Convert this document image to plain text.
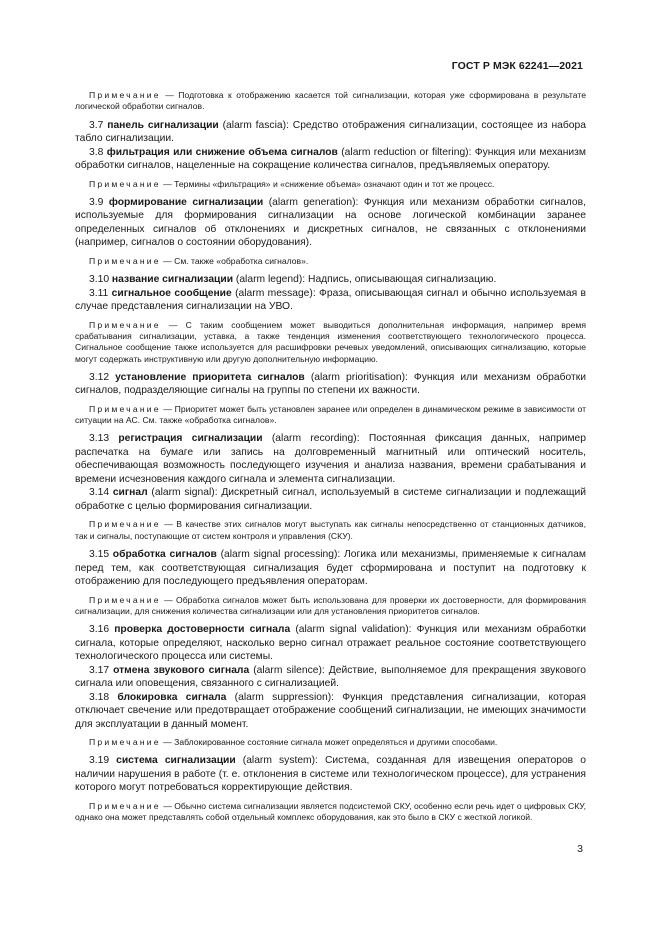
ГОСТ Р МЭК 62241—2021

Примечание — Подготовка к отображению касается той сигнализации, которая уже сформирована в результате логической обработки сигналов.

3.7 панель сигнализации (alarm fascia): Средство отображения сигнализации, состоящее из набора табло сигнализации.

3.8 фильтрация или снижение объема сигналов (alarm reduction or filtering): Функция или механизм обработки сигналов, нацеленные на сокращение количества сигналов, предъявляемых оператору.

Примечание — Термины «фильтрация» и «снижение объема» означают один и тот же процесс.

3.9 формирование сигнализации (alarm generation): Функция или механизм обработки сигналов, используемые для формирования сигнализации на основе логической комбинации заранее определенных сигналов об отклонениях и дискретных сигналов, не связанных с отклонениями (например, сигналов о состоянии оборудования).

Примечание — См. также «обработка сигналов».

3.10 название сигнализации (alarm legend): Надпись, описывающая сигнализацию.

3.11 сигнальное сообщение (alarm message): Фраза, описывающая сигнал и обычно используемая в случае представления сигнализации на УВО.

Примечание — С таким сообщением может выводиться дополнительная информация, например время срабатывания сигнализации, уставка, а также тенденция изменения соответствующего технологического процесса. Сигнальное сообщение также используется для расшифровки речевых уведомлений, описывающих сигнализацию, которые могут содержать инструктивную или другую дополнительную информацию.

3.12 установление приоритета сигналов (alarm prioritisation): Функция или механизм обработки сигналов, подразделяющие сигналы на группы по степени их важности.

Примечание — Приоритет может быть установлен заранее или определен в динамическом режиме в зависимости от ситуации на АС. См. также «обработка сигналов».

3.13 регистрация сигнализации (alarm recording): Постоянная фиксация данных, например распечатка на бумаге или запись на долговременный магнитный или оптический носитель, обеспечивающая возможность последующего изучения и анализа названия, времени срабатывания и времени исчезновения каждого сигнала и элемента сигнализации.

3.14 сигнал (alarm signal): Дискретный сигнал, используемый в системе сигнализации и подлежащий обработке с целью формирования сигнализации.

Примечание — В качестве этих сигналов могут выступать как сигналы непосредственно от станционных датчиков, так и сигналы, поступающие от систем контроля и управления (СКУ).

3.15 обработка сигналов (alarm signal processing): Логика или механизмы, применяемые к сигналам перед тем, как соответствующая сигнализация будет сформирована и поступит на подготовку к отображению для последующего предъявления операторам.

Примечание — Обработка сигналов может быть использована для проверки их достоверности, для формирования сигнализации, для снижения количества сигнализации или для установления приоритетов сигналов.

3.16 проверка достоверности сигнала (alarm signal validation): Функция или механизм обработки сигнала, которые определяют, насколько верно сигнал отражает реальное состояние соответствующего технологического процесса или системы.

3.17 отмена звукового сигнала (alarm silence): Действие, выполняемое для прекращения звукового сигнала или оповещения, связанного с сигнализацией.

3.18 блокировка сигнала (alarm suppression): Функция представления сигнализации, которая отключает свечение или предотвращает отображение сообщений сигнализации, не имеющих значимости для эксплуатации в данный момент.

Примечание — Заблокированное состояние сигнала может определяться и другими способами.

3.19 система сигнализации (alarm system): Система, созданная для извещения операторов о наличии нарушения в работе (т. е. отклонения в системе или технологическом процессе), для устранения которого могут потребоваться корректирующие действия.

Примечание — Обычно система сигнализации является подсистемой СКУ, особенно если речь идет о цифровых СКУ, однако она может представлять собой отдельный комплекс оборудования, как это было в СКУ с жесткой логикой.

3
